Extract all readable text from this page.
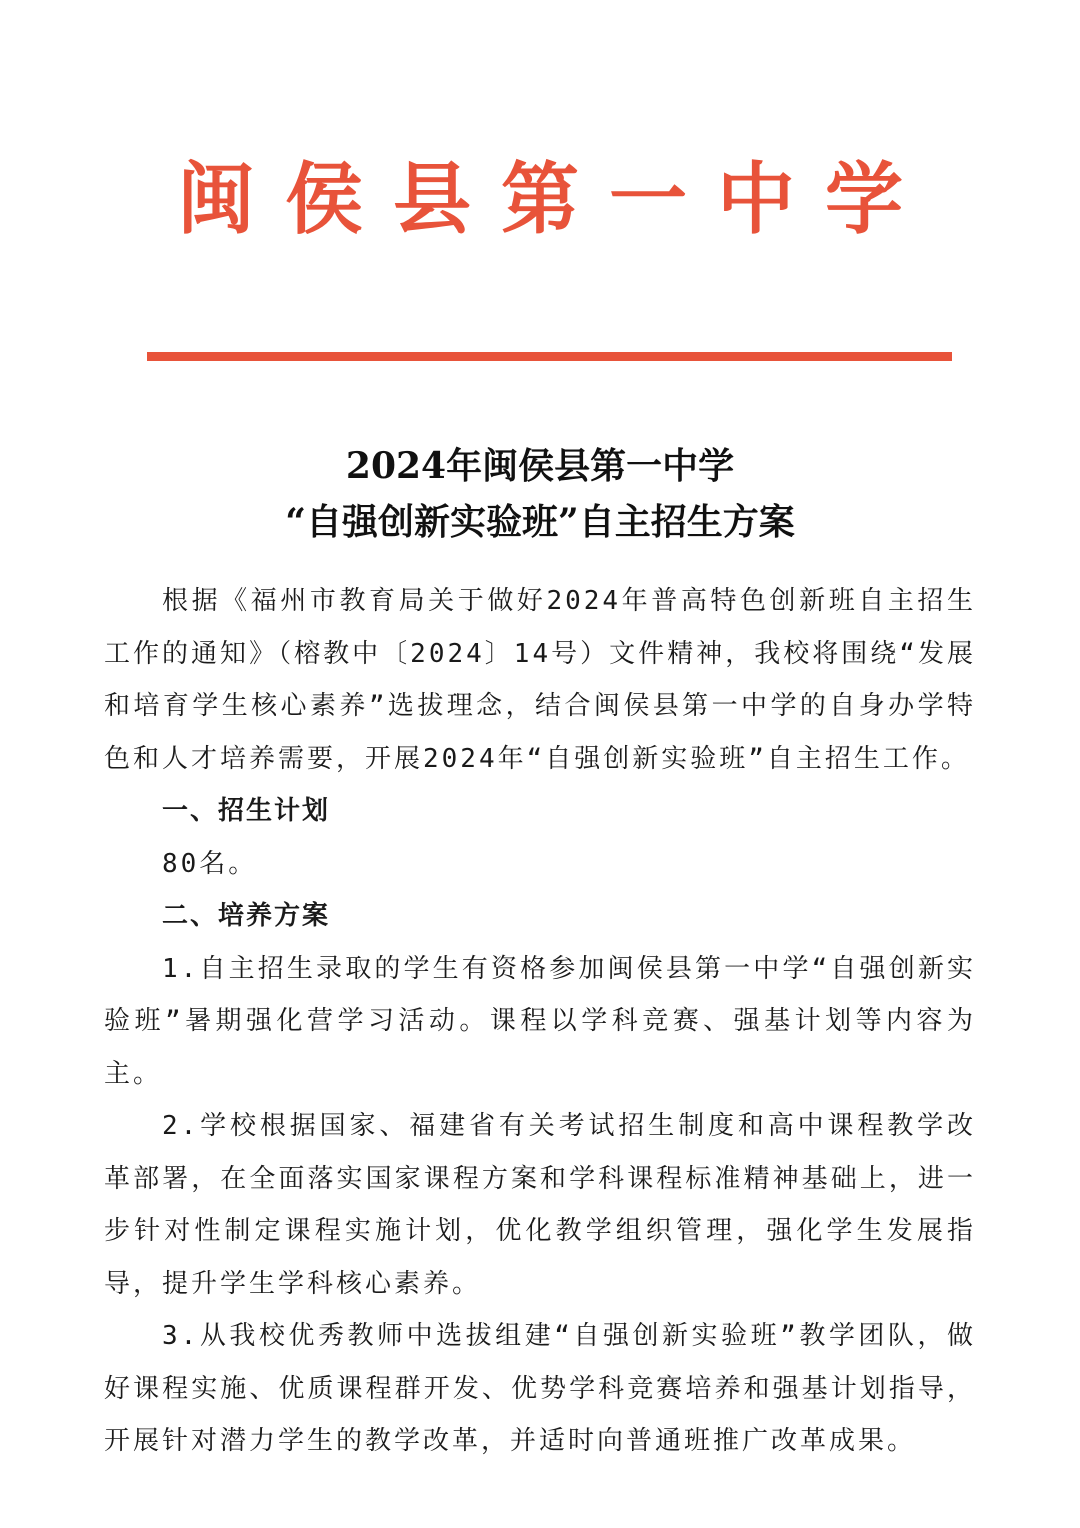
闽侯县第一中学
2024年闽侯县第一中学
“自强创新实验班”自主招生方案

根据《福州市教育局关于做好2024年普高特色创新班自主招生工作的通知》（榕教中〔2024〕14号）文件精神，我校将围绕“发展和培育学生核心素养”选拔理念，结合闽侯县第一中学的自身办学特色和人才培养需要，开展2024年“自强创新实验班”自主招生工作。

一、招生计划

80名。

二、培养方案

1.自主招生录取的学生有资格参加闽侯县第一中学“自强创新实验班”暑期强化营学习活动。课程以学科竞赛、强基计划等内容为主。

2.学校根据国家、福建省有关考试招生制度和高中课程教学改革部署，在全面落实国家课程方案和学科课程标准精神基础上，进一步针对性制定课程实施计划，优化教学组织管理，强化学生发展指导，提升学生学科核心素养。

3.从我校优秀教师中选拔组建“自强创新实验班”教学团队，做好课程实施、优质课程群开发、优势学科竞赛培养和强基计划指导，开展针对潜力学生的教学改革，并适时向普通班推广改革成果。
